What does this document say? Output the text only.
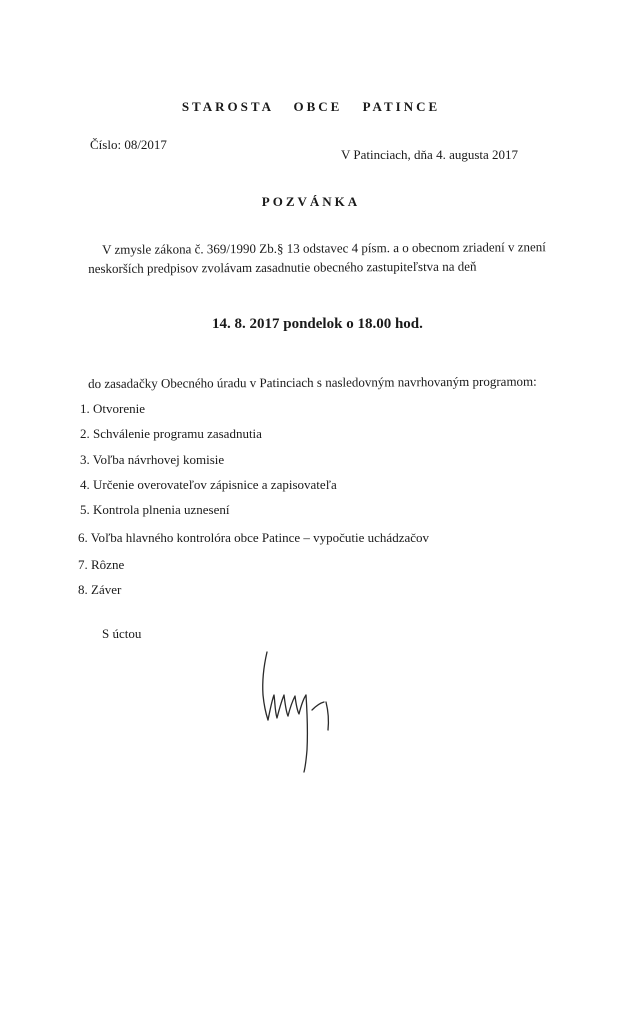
STAROSTA OBCE PATINCE
Číslo: 08/2017
V Patinciach, dňa 4. augusta 2017
POZVÁNKA
V zmysle zákona č. 369/1990 Zb.§ 13 odstavec 4 písm. a o obecnom zriadení v znení
neskorších predpisov zvolávam zasadnutie obecného zastupiteľstva na deň
14. 8. 2017 pondelok o 18.00 hod.
do zasadačky Obecného úradu v Patinciach s nasledovným navrhovaným programom:
1. Otvorenie
2. Schválenie programu zasadnutia
3. Voľba návrhovej komisie
4. Určenie overovateľov zápisnice a zapisovateľa
5. Kontrola plnenia uznesení
6. Voľba hlavného kontrolóra obce Patince – vypočutie uchádzačov
7. Rôzne
8. Záver
S úctou
